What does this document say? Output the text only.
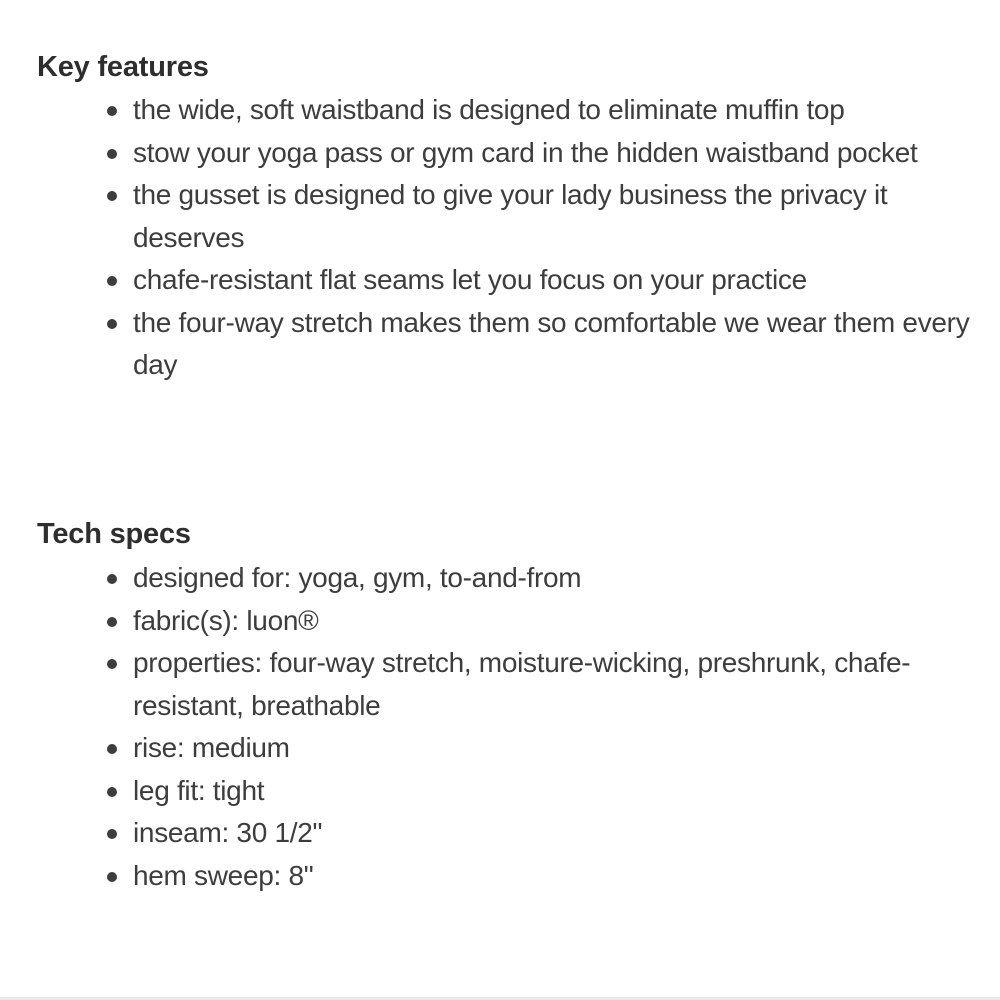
Key features
the wide, soft waistband is designed to eliminate muffin top
stow your yoga pass or gym card in the hidden waistband pocket
the gusset is designed to give your lady business the privacy it deserves
chafe-resistant flat seams let you focus on your practice
the four-way stretch makes them so comfortable we wear them every day
Tech specs
designed for: yoga, gym, to-and-from
fabric(s): luon®
properties: four-way stretch, moisture-wicking, preshrunk, chafe-resistant, breathable
rise: medium
leg fit: tight
inseam: 30 1/2"
hem sweep: 8"
